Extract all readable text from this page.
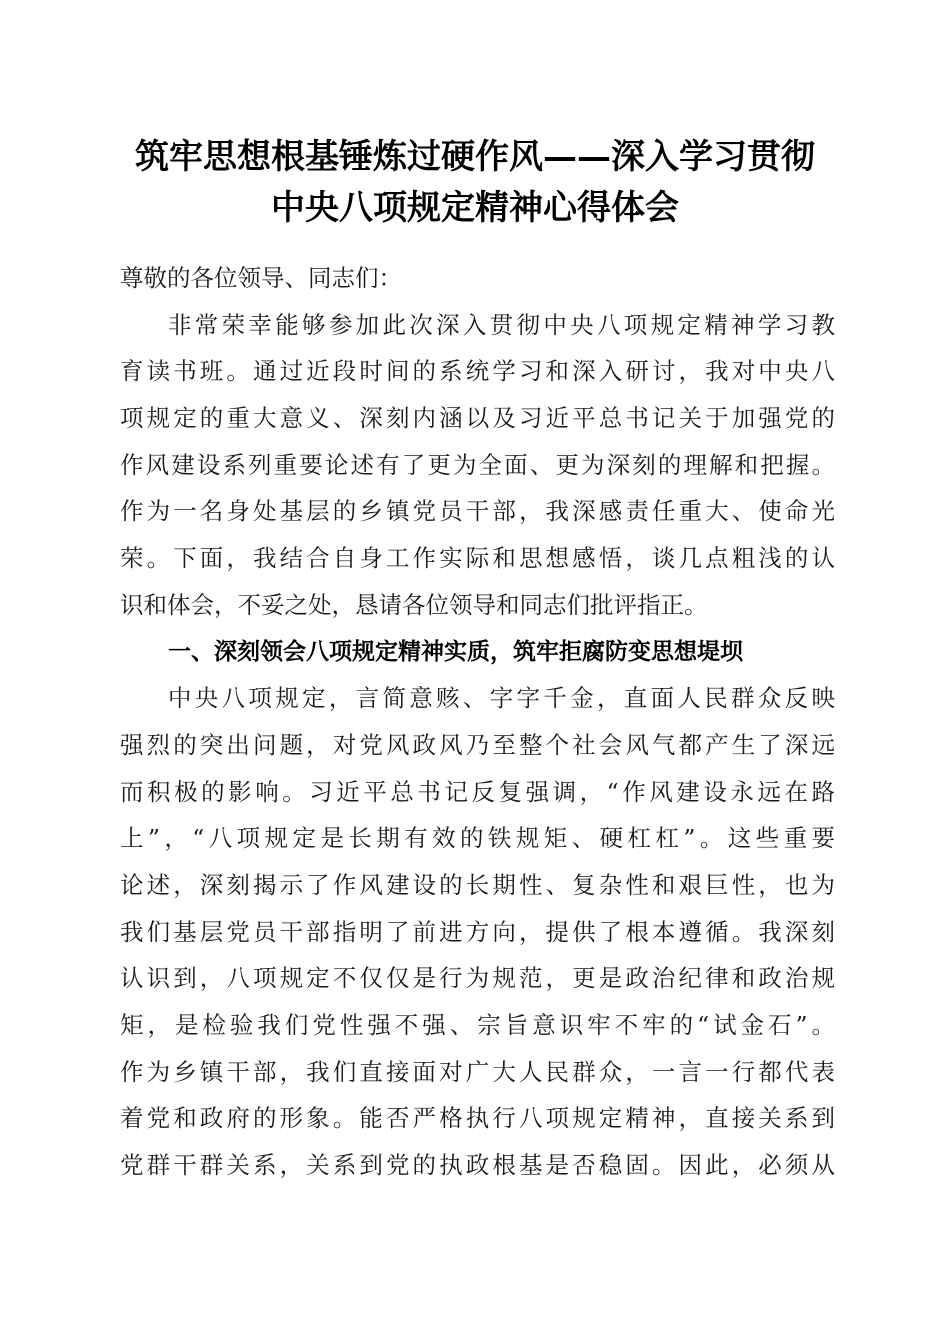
筑牢思想根基锤炼过硬作风——深入学习贯彻
中央八项规定精神心得体会
尊敬的各位领导、同志们：
非常荣幸能够参加此次深入贯彻中央八项规定精神学习教
育读书班。通过近段时间的系统学习和深入研讨，我对中央八
项规定的重大意义、深刻内涵以及习近平总书记关于加强党的
作风建设系列重要论述有了更为全面、更为深刻的理解和把握。
作为一名身处基层的乡镇党员干部，我深感责任重大、使命光
荣。下面，我结合自身工作实际和思想感悟，谈几点粗浅的认
识和体会，不妥之处，恳请各位领导和同志们批评指正。
一、深刻领会八项规定精神实质，筑牢拒腐防变思想堤坝
中央八项规定，言简意赅、字字千金，直面人民群众反映
强烈的突出问题，对党风政风乃至整个社会风气都产生了深远
而积极的影响。习近平总书记反复强调，“作风建设永远在路
上”，“八项规定是长期有效的铁规矩、硬杠杠”。这些重要
论述，深刻揭示了作风建设的长期性、复杂性和艰巨性，也为
我们基层党员干部指明了前进方向，提供了根本遵循。我深刻
认识到，八项规定不仅仅是行为规范，更是政治纪律和政治规
矩，是检验我们党性强不强、宗旨意识牢不牢的“试金石”。
作为乡镇干部，我们直接面对广大人民群众，一言一行都代表
着党和政府的形象。能否严格执行八项规定精神，直接关系到
党群干群关系，关系到党的执政根基是否稳固。因此，必须从
